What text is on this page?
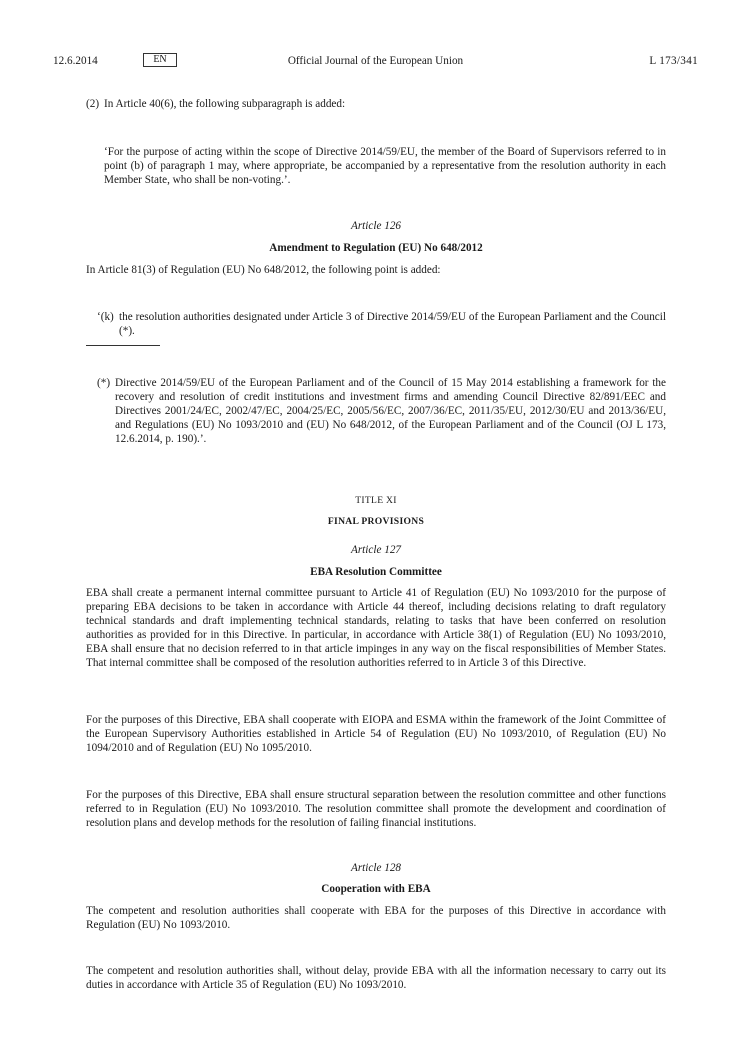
12.6.2014	EN	Official Journal of the European Union	L 173/341
(2) In Article 40(6), the following subparagraph is added:
‘For the purpose of acting within the scope of Directive 2014/59/EU, the member of the Board of Supervisors referred to in point (b) of paragraph 1 may, where appropriate, be accompanied by a representative from the resolution authority in each Member State, who shall be non-voting.’.
Article 126
Amendment to Regulation (EU) No 648/2012
In Article 81(3) of Regulation (EU) No 648/2012, the following point is added:
‘(k) the resolution authorities designated under Article 3 of Directive 2014/59/EU of the European Parliament and the Council (*).
(*) Directive 2014/59/EU of the European Parliament and of the Council of 15 May 2014 establishing a framework for the recovery and resolution of credit institutions and investment firms and amending Council Directive 82/891/EEC and Directives 2001/24/EC, 2002/47/EC, 2004/25/EC, 2005/56/EC, 2007/36/EC, 2011/35/EU, 2012/30/EU and 2013/36/EU, and Regulations (EU) No 1093/2010 and (EU) No 648/2012, of the European Parliament and of the Council (OJ L 173, 12.6.2014, p. 190).’.
TITLE XI
FINAL PROVISIONS
Article 127
EBA Resolution Committee
EBA shall create a permanent internal committee pursuant to Article 41 of Regulation (EU) No 1093/2010 for the purpose of preparing EBA decisions to be taken in accordance with Article 44 thereof, including decisions relating to draft regulatory technical standards and draft implementing technical standards, relating to tasks that have been conferred on resolution authorities as provided for in this Directive. In particular, in accordance with Article 38(1) of Regulation (EU) No 1093/2010, EBA shall ensure that no decision referred to in that article impinges in any way on the fiscal responsibilities of Member States. That internal committee shall be composed of the resolution authorities referred to in Article 3 of this Directive.
For the purposes of this Directive, EBA shall cooperate with EIOPA and ESMA within the framework of the Joint Committee of the European Supervisory Authorities established in Article 54 of Regulation (EU) No 1093/2010, of Regulation (EU) No 1094/2010 and of Regulation (EU) No 1095/2010.
For the purposes of this Directive, EBA shall ensure structural separation between the resolution committee and other functions referred to in Regulation (EU) No 1093/2010. The resolution committee shall promote the development and coordination of resolution plans and develop methods for the resolution of failing financial institutions.
Article 128
Cooperation with EBA
The competent and resolution authorities shall cooperate with EBA for the purposes of this Directive in accordance with Regulation (EU) No 1093/2010.
The competent and resolution authorities shall, without delay, provide EBA with all the information necessary to carry out its duties in accordance with Article 35 of Regulation (EU) No 1093/2010.
